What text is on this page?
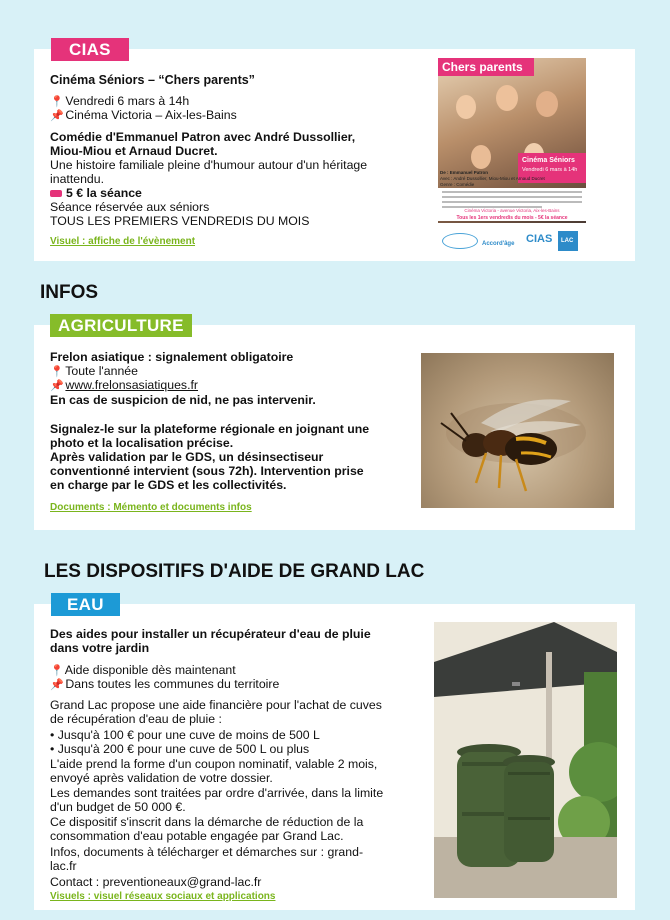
CIAS
Cinéma Séniors – “Chers parents”
📍 Vendredi 6 mars à 14h
📌 Cinéma Victoria – Aix-les-Bains
Comédie d'Emmanuel Patron avec André Dussollier,
Miou-Miou et Arnaud Ducret.
Une histoire familiale pleine d'humour autour d'un héritage
inattendu.
5 € la séance
Séance réservée aux séniors
TOUS LES PREMIERS VENDREDIS DU MOIS
Visuel : affiche de l'évènement
Chers parents
Cinéma Séniors
Vendredi 6 mars à 14h
De : Emmanuel Patron
Avec : André Dussollier, Miou-Miou et Arnaud Ducret
Genre : Comédie
Cinéma Victoria - avenue Victoria, Aix-les-Bains
Tous les 1ers vendredis du mois - 5€ la séance
Accord'âge CIAS LAC
INFOS
AGRICULTURE
Frelon asiatique : signalement obligatoire
📍 Toute l'année
📌 www.frelonsasiatiques.fr
En cas de suspicion de nid, ne pas intervenir.
Signalez-le sur la plateforme régionale en joignant une
photo et la localisation précise.
Après validation par le GDS, un désinsectiseur
conventionné intervient (sous 72h). Intervention prise
en charge par le GDS et les collectivités.
Documents : Mémento et documents infos
LES DISPOSITIFS D'AIDE DE GRAND LAC
EAU
Des aides pour installer un récupérateur d'eau de pluie
dans votre jardin
📍 Aide disponible dès maintenant
📌 Dans toutes les communes du territoire
Grand Lac propose une aide financière pour l'achat de cuves
de récupération d'eau de pluie :
• Jusqu'à 100 € pour une cuve de moins de 500 L
• Jusqu'à 200 € pour une cuve de 500 L ou plus
L'aide prend la forme d'un coupon nominatif, valable 2 mois,
envoyé après validation de votre dossier.
Les demandes sont traitées par ordre d'arrivée, dans la limite
d'un budget de 50 000 €.
Ce dispositif s'inscrit dans la démarche de réduction de la
consommation d'eau potable engagée par Grand Lac.
Infos, documents à télécharger et démarches sur : grand-
lac.fr
Contact : preventioneaux@grand-lac.fr
Visuels : visuel réseaux sociaux et applications
